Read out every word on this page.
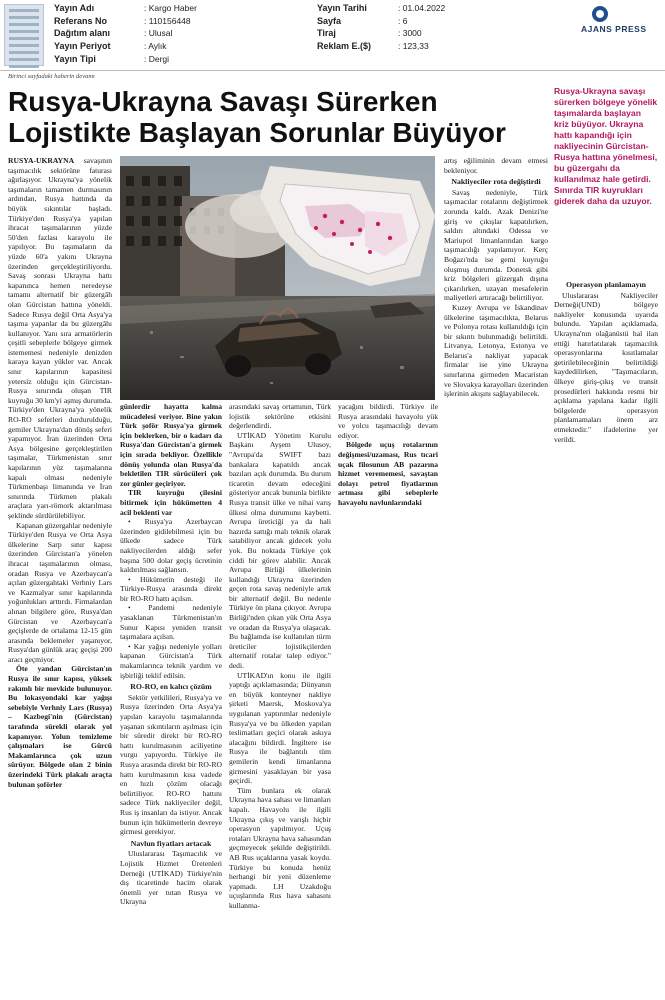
Yayın Adı	: Kargo Haber
Referans No	: 110156448
Dağıtım alanı	: Ulusal
Yayın Periyot	: Aylık
Yayın Tipi	: Dergi
Yayın Tarihi	: 01.04.2022
Sayfa	: 6
Tiraj	: 3000
Reklam E.($)	: 123,33
AJANS PRESS
Birinci sayfadaki haberin devamı
Rusya-Ukrayna Savaşı Sürerken Lojistikte Başlayan Sorunlar Büyüyor
Rusya-Ukrayna savaşı sürerken bölgeye yönelik taşımalarda başlayan kriz büyüyor. Ukrayna hattı kapandığı için nakliyecinin Gürcistan- Rusya hattına yönelmesi, bu güzergahı da kullanılmaz hale getirdi. Sınırda TIR kuyrukları giderek daha da uzuyor.

RUSYA-UKRAYNA savaşının taşımacılık sektörüne faturası ağırlaşıyor. Ukrayna'ya yönelik taşımaların tamamen durmasının ardından, Rusya hattında da büyük sıkıntılar başladı. Türkiye'den Rusya'ya yapılan ihracat taşımalarının yüzde 50'den fazlası karayolu ile yapılıyor. Bu taşımaların da yüzde 60'a yakını Ukrayna üzerinden gerçekleştiriliyordu. Savaş sonrası Ukrayna hattı kapanınca hemen neredeyse tamamı alternatif bir güzergâh olan Gürcistan hattına yöneldi. Sadece Rusya değil Orta Asya'ya taşıma yapanlar da bu güzergâhı kullanıyor. Yanı sıra armatörlerin çeşitli sebeplerle bölgeye girmek istememesi nedeniyle denizden karaya kayan yükler var. Ancak sınır kapılarının kapasitesi yetersiz olduğu için Gürcistan-Rusya sınırında oluşan TIR kuyruğu 30 km'yi aşmış durumda. Türkiye'den Ukrayna'ya yönelik RO-RO seferleri durdurulduğu, gemiler Ukrayna'dan dönüş seferi yapamıyor. İran üzerinden Orta Asya bölgesine gerçekleştirilen taşımalar, Türkmenistan sınır kapılarının yüz taşımalarına kapalı olması nedeniyle Türkmenbaşı limanında ve İran sınırında Türkmen plakalı araçlara yarı-römork aktarılması şeklinde sürdürülebiliyor.

Kapanan güzergahlar nedeniyle Türkiye'den Rusya ve Orta Asya ülkelerine Sarp sınır kapısı üzerinden Gürcistan'a yönelen ihracat taşımalarının olması, oradan Rusya ve Azerbaycan'a açılan güzergahtaki Verhniy Lars ve Kazmalyar sınır kapılarında yoğunlukları arttırdı. Firmalardan alınan bilgilere göre, Rusya'dan Gürcistan ve Azerbaycan'a geçişlerde de ortalama 12-15 gün arasında beklemeler yaşanıyor, Rusya'dan günlük araç geçişi 200 aracı geçmiyor.

Öte yandan Gürcistan'ın Rusya ile sınır kapısı, yüksek rakımlı bir mevkide bulunuyor. Bu lokasyondaki kar yağışı sebebiyle Verhniy Lars (Rusya) – Kazbegi'nin (Gürcistan) tarafında sürekli olarak yol kapanıyor. Yolun temizleme çalışmaları ise Gürcü Makamlarınca çok uzun sürüyor. Bölgede olan 2 binin üzerindeki Türk plakalı araçta bulunan şoförler

günlerdir hayatta kalma mücadelesi veriyor. Bine yakın Türk şoför Rusya'ya girmek için beklerken, bir o kadarı da Rusya'dan Gürcistan'a girmek için sırada bekliyor. Özellikle dönüş yolunda olan Rusya'da bekletilen TIR sürücüleri çok zor günler geçiriyor.

TIR kuyruğu çilesini bitirmek için hükümetten 4 acil beklenti var

• Rusya'ya Azerbaycan üzerinden gidilebilmesi için bu ülkede sadece Türk nakliyecilerden aldığı sefer başına 500 dolar geçiş ücretinin kaldırılması sağlansın.

• Hükümetin desteği ile Türkiye-Rusya arasında direkt bir RO-RO hattı açılsın.

• Pandemi nedeniyle yasaklanan Türkmenistan'ın Sunur Kapısı yeniden transit taşımalara açılsın.

• Kar yağışı nedeniyle yolları kapanan Gürcistan'a Türk makamlarınca teknik yardım ve işbirliği teklif edilsin.

RO-RO, en kalıcı çözüm

Sektör yetkilileri, Rusya'ya ve Rusya üzerinden Orta Asya'ya yapılan karayolu taşımalarında yaşanan sıkıntıların aşılması için bir süredir direkt bir RO-RO hattı kurulmasının aciliyetine vurgu yapıyordu. Türkiye ile Rusya arasında direkt bir RO-RO hattı kurulmasının kısa vadede en hızlı çözüm olacağı belirtiliyor. RO-RO hattını sadece Türk nakliyeciler değil, Rus iş insanları da istiyor. Ancak bunun için hükümetlerin devreye girmesi gerekiyor.

Navlun fiyatları artacak

Uluslararası Taşımacılık ve Lojistik Hizmet Üretenleri Derneği (UTİKAD) Türkiye'nin dış ticaretinde hacim olarak önemli yer tutan Rusya ve Ukrayna

arasındaki savaş ortamının, Türk lojistik sektörüne etkisini değerlendirdi.

UTİKAD Yönetim Kurulu Başkanı Ayşem Ulusoy, "Avrupa'da SWIFT bazı bankalara kapatıldı ancak bazıları açık durumda. Bu durum ticaretin devam edeceğini gösteriyor ancak bununla birlikte Rusya transit ülke ve nihai varış ülkesi olma durumunu kaybetti. Avrupa üreticiği ya da hali hazırda sattığı malı teknik olarak satabiliyor ancak gidecek yolu yok. Bu noktada Türkiye çok ciddi bir görev alabilir. Ancak Avrupa Birliği ülkelerinin kullandığı Ukrayna üzerinden geçen rota savaş nedeniyle artık bir alternatif değil. Bu nedenle Türkiye ön plana çıkıyor. Avrupa Birliği'nden çıkan yük Orta Asya ve oradan da Rusya'ya ulaşacak. Bu bağlamda ise kullanılan türm üreticiler lojistikçilerden alternatif rotalar talep ediyor." dedi.

UTİKAD'ın konu ile ilgili yaptığı açıklamasında; Dünyanın en büyük konteyner nakliye şirketi Maersk, Moskova'ya uygulanan yaptırımlar nedeniyle Rusya'ya ve bu ülkeden yapılan teslimatları geçici olarak askıya alacağını bildirdi. İngiltere ise Rusya ile bağlantılı tüm gemilerin kendi limanlarına girmesini yasaklayan bir yasa geçirdi.

Tüm bunlara ek olarak Ukrayna hava sahası ve limanları kapalı. Havayolu ile ilgili Ukrayna çıkış ve varışlı hiçbir operasyon yapılmıyor. Uçuş rotaları Ukrayna hava sahasından geçmeyecek şekilde değiştirildi. AB Rus uçaklarına yasak koydu. Türkiye bu konuda henüz herhangi bir yeni düzenleme yapmadı. LH Uzakdoğu uçuşlarında Rus hava sahasını kullanma-

yacağını bildirdi. Türkiye ile Rusya arasındaki havayolu yük ve yolcu taşımacılığı devam ediyor.

Bölgede uçuş rotalarının değişmesi/uzaması, Rus tıcari uçak filosunun AB pazarına hizmet verememesi, savaştan dolayı petrol fiyatlarının artması gibi sebeplerle havayolu navlunlarındaki

artış eğiliminin devam etmesi bekleniyor.

Nakliyeciler rota değiştirdi

Savaş nedeniyle, Türk taşımacılar rotalarını değiştirmek zorunda kaldı. Azak Denizi'ne giriş ve çıkışlar kapatılırken, saldırı altındaki Odessa ve Mariupol limanlarından kargo taşımacılığı yapılamıyor. Kerç Boğazı'nda ise gemi kuyruğu oluşmuş durumda. Donetsk gibi kriz bölgeleri güzergah dışına çıkarılırken, uzayan mesafelerin maliyetleri artıracağı belirtiliyor.

Kuzey Avrupa ve İskandinav ülkelerine taşımacılıkta, Belarus ve Polonya rotası kullanıldığı için bir sıkıntı bulunmadığı belirtildi. Litvanya, Letonya, Estonya ve Belarus'a nakliyat yapacak firmalar ise yine Ukrayna sınırlarına girmeden Macaristan ve Slovakya karayolları üzerinden işlerinin akışını sağlayabilecek.

Operasyon planlamayın

Uluslararası Nakliyeciler Derneği(UND) bölgeye nakliyeler konusunda uyarıda bulundu. Yapılan açıklamada, Ukrayna'nın olağanüstü hal ilan ettiği hatırlatılarak taşımacılık operasyonlarına kısıtlamalar getirilebileceğinin belirtildiği kaydedilirken, "Taşımacıların, ülkeye giriş-çıkış ve transit prosedürleri hakkında resmi bir açıklama yapılana kadar ilgili bölgelerde operasyon planlamamaları önem arz etmektedir." ifadelerine yer verildi.
